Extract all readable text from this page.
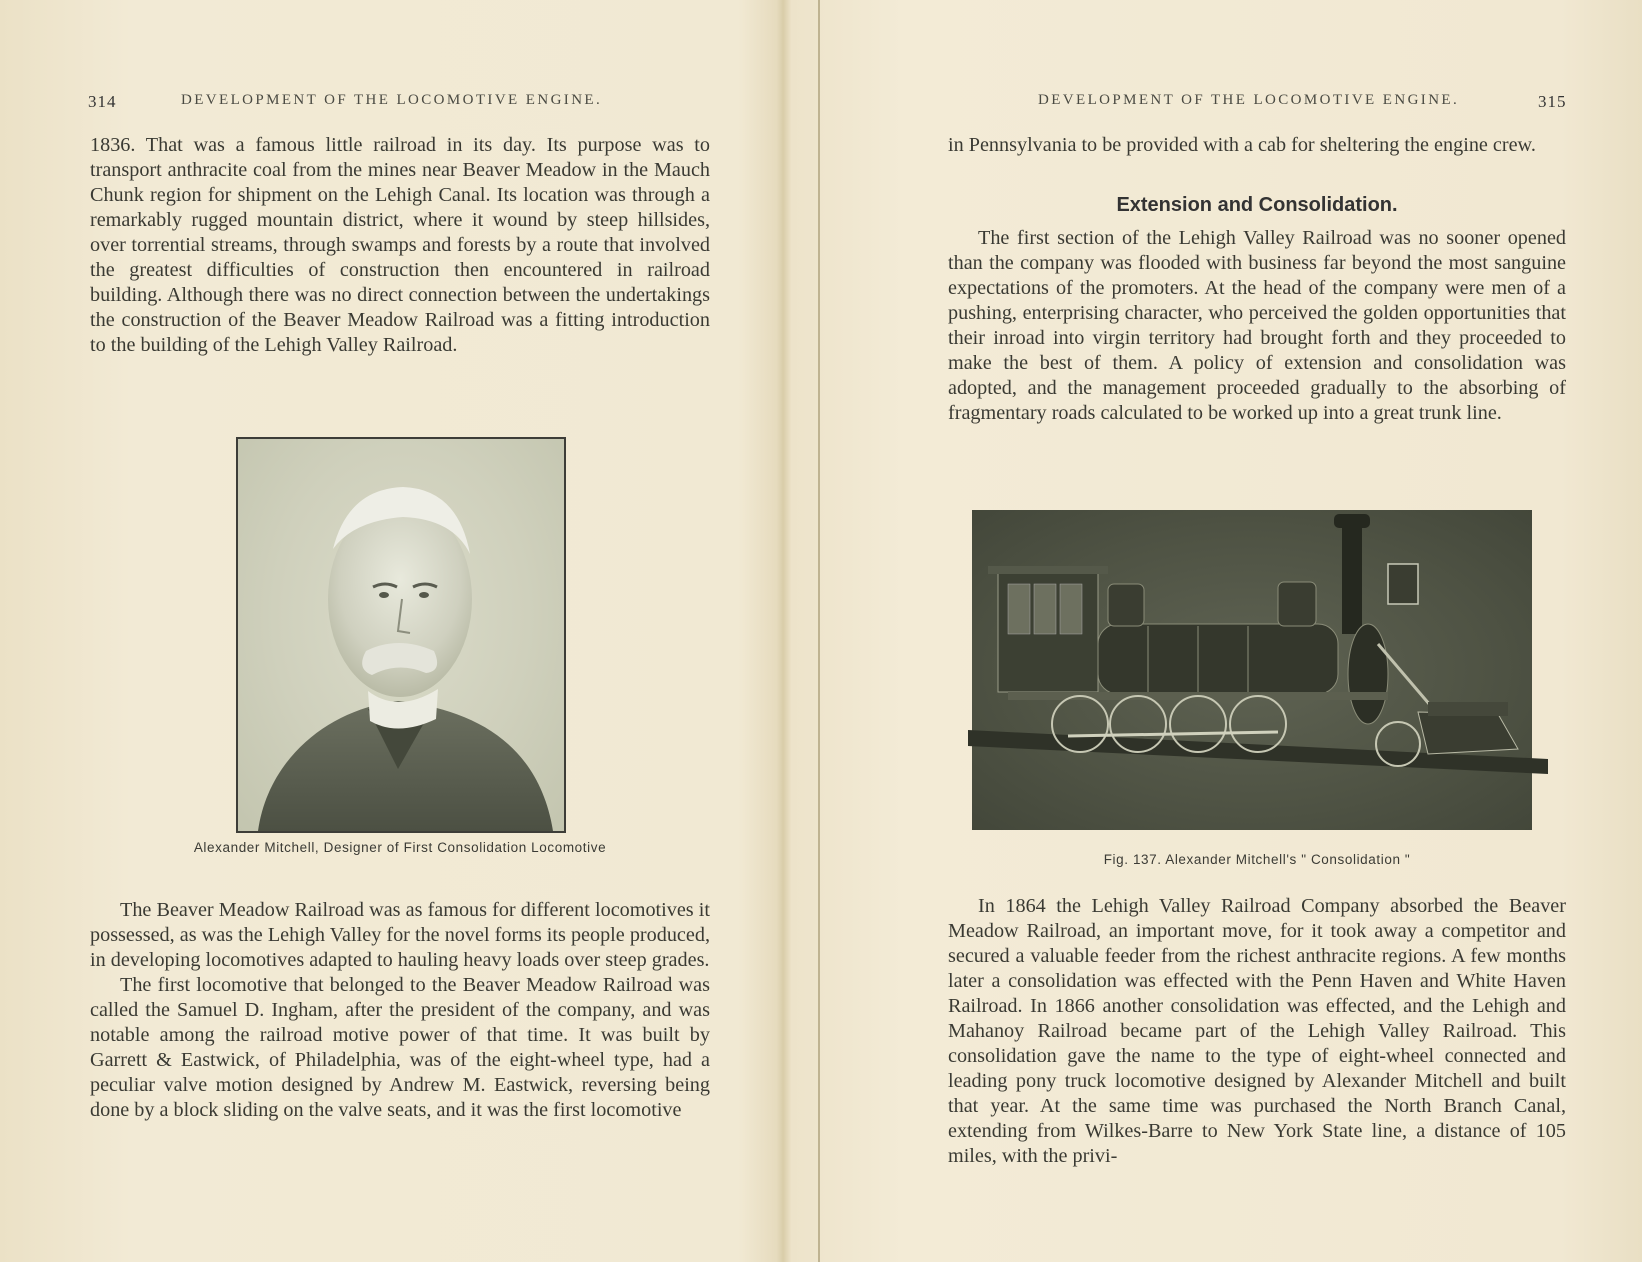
314	DEVELOPMENT OF THE LOCOMOTIVE ENGINE.

1836. That was a famous little railroad in its day. Its purpose was to transport anthracite coal from the mines near Beaver Meadow in the Mauch Chunk region for shipment on the Lehigh Canal. Its location was through a remarkably rugged mountain district, where it wound by steep hillsides, over torrential streams, through swamps and forests by a route that involved the greatest difficulties of construction then encountered in railroad building. Although there was no direct connection between the undertakings the construction of the Beaver Meadow Railroad was a fitting introduction to the building of the Lehigh Valley Railroad.

Alexander Mitchell, Designer of First Consolidation Locomotive

The Beaver Meadow Railroad was as famous for different locomotives it possessed, as was the Lehigh Valley for the novel forms its people produced, in developing locomotives adapted to hauling heavy loads over steep grades.

The first locomotive that belonged to the Beaver Meadow Railroad was called the Samuel D. Ingham, after the president of the company, and was notable among the railroad motive power of that time. It was built by Garrett & Eastwick, of Philadelphia, was of the eight-wheel type, had a peculiar valve motion designed by Andrew M. Eastwick, reversing being done by a block sliding on the valve seats, and it was the first locomotive

DEVELOPMENT OF THE LOCOMOTIVE ENGINE.	315

in Pennsylvania to be provided with a cab for sheltering the engine crew.

Extension and Consolidation.

The first section of the Lehigh Valley Railroad was no sooner opened than the company was flooded with business far beyond the most sanguine expectations of the promoters. At the head of the company were men of a pushing, enterprising character, who perceived the golden opportunities that their inroad into virgin territory had brought forth and they proceeded to make the best of them. A policy of extension and consolidation was adopted, and the management proceeded gradually to the absorbing of fragmentary roads calculated to be worked up into a great trunk line.

Fig. 137. Alexander Mitchell's " Consolidation "

In 1864 the Lehigh Valley Railroad Company absorbed the Beaver Meadow Railroad, an important move, for it took away a competitor and secured a valuable feeder from the richest anthracite regions. A few months later a consolidation was effected with the Penn Haven and White Haven Railroad. In 1866 another consolidation was effected, and the Lehigh and Mahanoy Railroad became part of the Lehigh Valley Railroad. This consolidation gave the name to the type of eight-wheel connected and leading pony truck locomotive designed by Alexander Mitchell and built that year. At the same time was purchased the North Branch Canal, extending from Wilkes-Barre to New York State line, a distance of 105 miles, with the privi-
